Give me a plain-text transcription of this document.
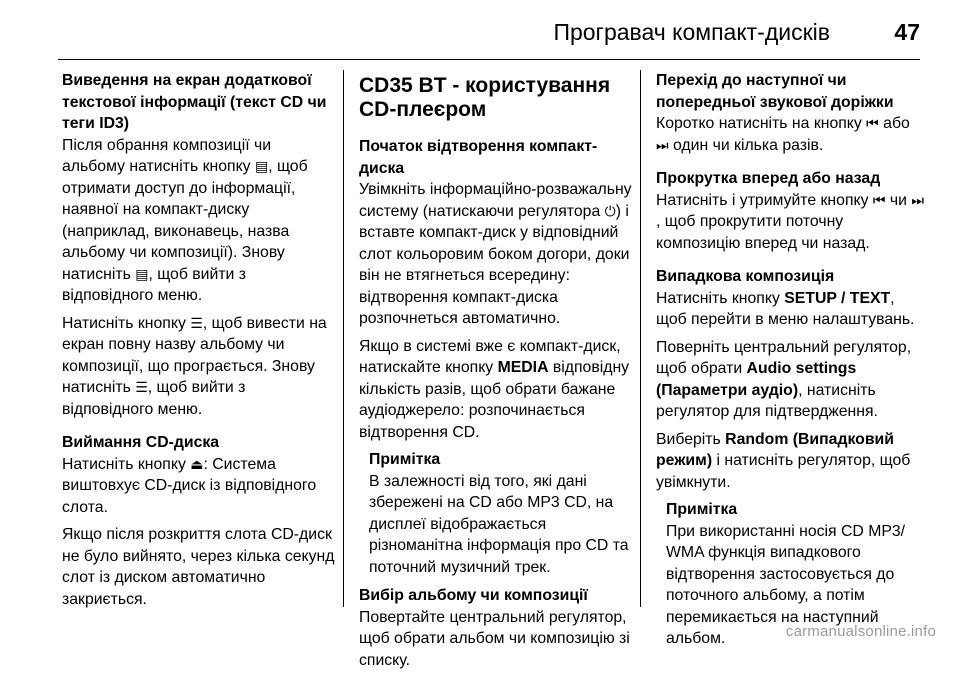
Програвач компакт-дисків	47
Виведення на екран додаткової текстової інформації (текст CD чи теги ID3)

Після обрання композиції чи альбому натисніть кнопку ▤, щоб отримати доступ до інформації, наявної на компакт-диску (наприклад, виконавець, назва альбому чи композиції). Знову натисніть ▤, щоб вийти з відповідного меню.

Натисніть кнопку ☰, щоб вивести на екран повну назву альбому чи композиції, що програється. Знову натисніть ☰, щоб вийти з відповідного меню.

Виймання CD-диска

Натисніть кнопку ⏏: Система виштовхує CD-диск із відповідного слота.

Якщо після розкриття слота CD-диск не було вийнято, через кілька секунд слот із диском автоматично закриється.

CD35 BT - користування CD-плеєром
Початок відтворення компакт-диска

Увімкніть інформаційно-розважальну систему (натискаючи регулятора ⏻) і вставте компакт-диск у відповідний слот кольоровим боком догори, доки він не втягнеться всередину: відтворення компакт-диска розпочнеться автоматично.

Якщо в системі вже є компакт-диск, натискайте кнопку MEDIA відповідну кількість разів, щоб обрати бажане аудіоджерело: розпочинається відтворення CD.

Примітка
В залежності від того, які дані збережені на CD або MP3 CD, на дисплеї відображається різноманітна інформація про CD та поточний музичний трек.
Вибір альбому чи композиції

Повертайте центральний регулятор, щоб обрати альбом чи композицію зі списку.

Перехід до наступної чи попередньої звукової доріжки

Коротко натисніть на кнопку ⏮ або ⏭ один чи кілька разів.

Прокрутка вперед або назад

Натисніть і утримуйте кнопку ⏮ чи ⏭, щоб прокрутити поточну композицію вперед чи назад.

Випадкова композиція

Натисніть кнопку SETUP / TEXT, щоб перейти в меню налаштувань.

Поверніть центральний регулятор, щоб обрати Audio settings (Параметри аудіо), натисніть регулятор для підтвердження.

Виберіть Random (Випадковий режим) і натисніть регулятор, щоб увімкнути.

Примітка
При використанні носія CD MP3/ WMA функція випадкового відтворення застосовується до поточного альбому, а потім перемикається на наступний альбом.	carmanualsonline.info
